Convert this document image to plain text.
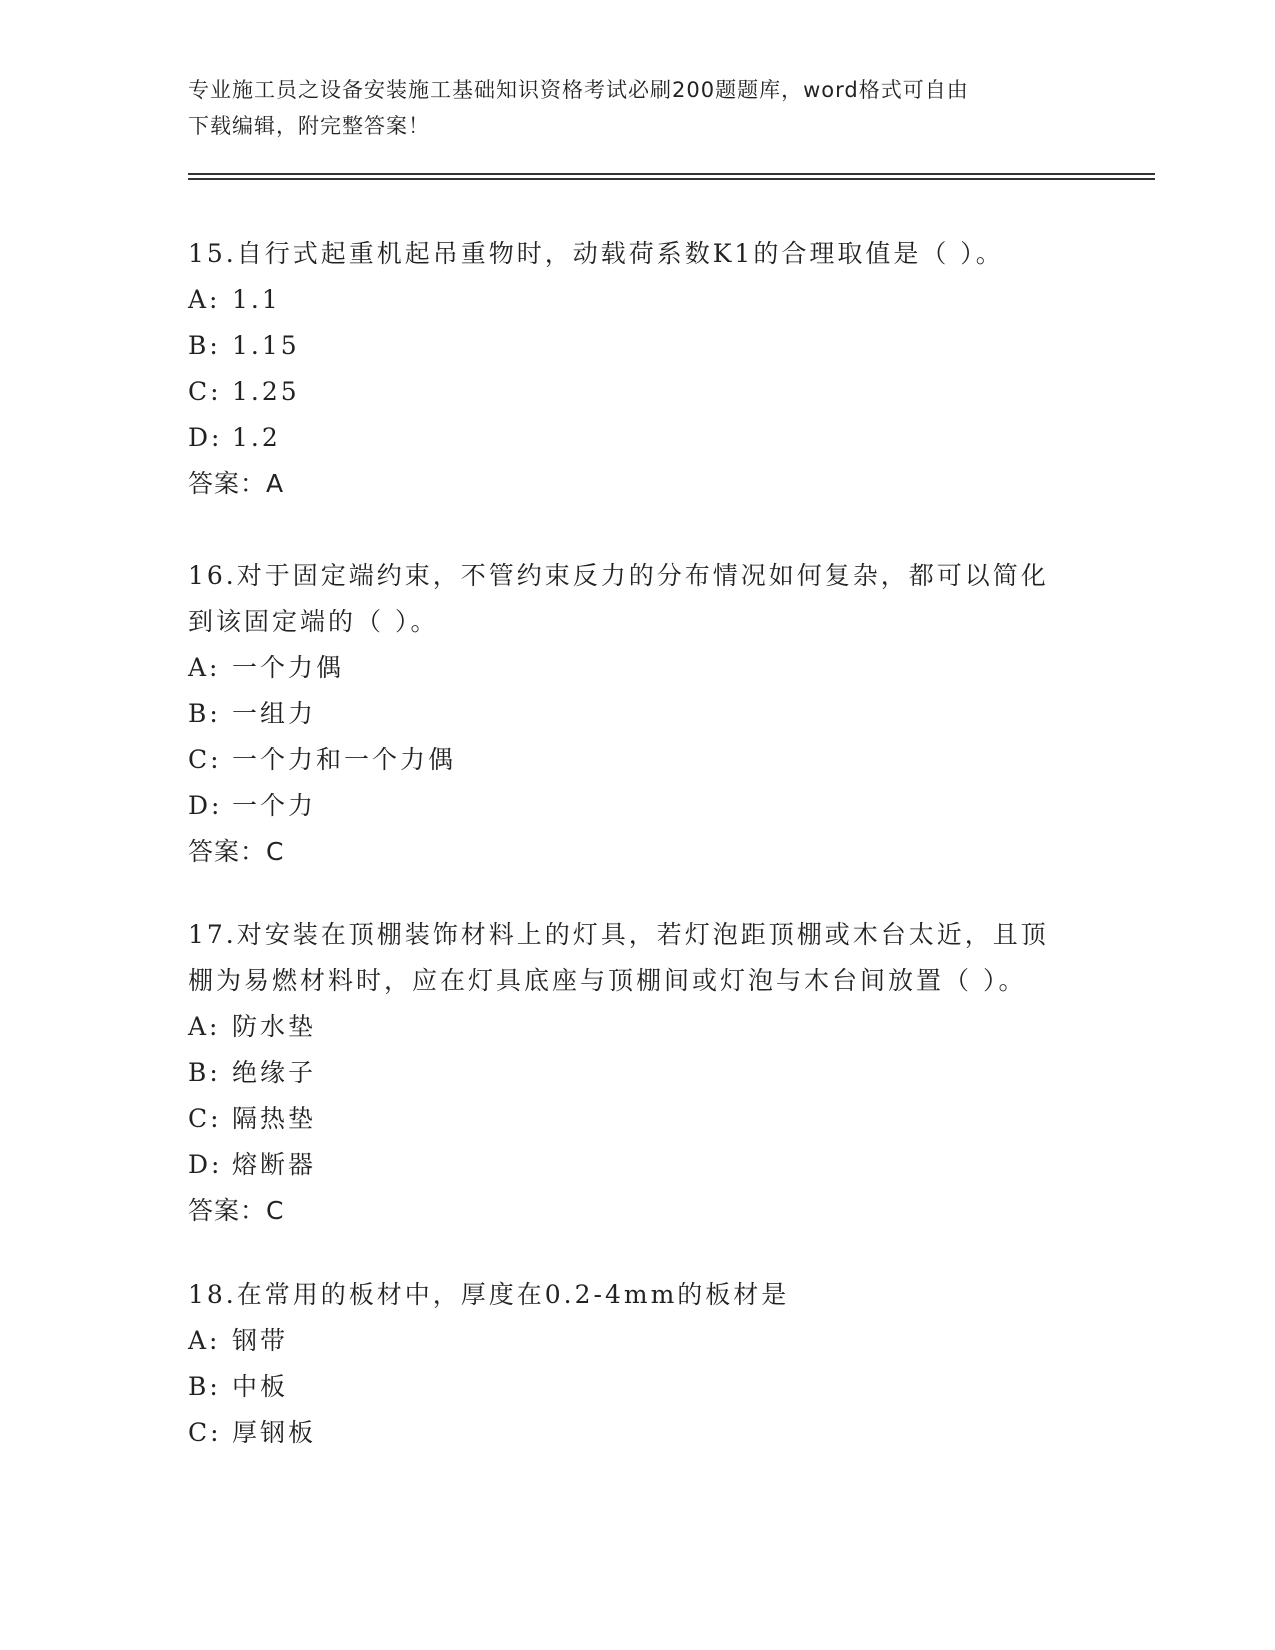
专业施工员之设备安装施工基础知识资格考试必刷200题题库，word格式可自由
下载编辑，附完整答案！
15.自行式起重机起吊重物时，动载荷系数K1的合理取值是（ ）。
A: 1.1
B: 1.15
C: 1.25
D: 1.2
答案：A
16.对于固定端约束，不管约束反力的分布情况如何复杂，都可以简化
到该固定端的（ ）。
A: 一个力偶
B: 一组力
C: 一个力和一个力偶
D: 一个力
答案：C
17.对安装在顶棚装饰材料上的灯具，若灯泡距顶棚或木台太近，且顶
棚为易燃材料时，应在灯具底座与顶棚间或灯泡与木台间放置（ ）。
A: 防水垫
B: 绝缘子
C: 隔热垫
D: 熔断器
答案：C
18.在常用的板材中，厚度在0.2-4mm的板材是
A: 钢带
B: 中板
C: 厚钢板
